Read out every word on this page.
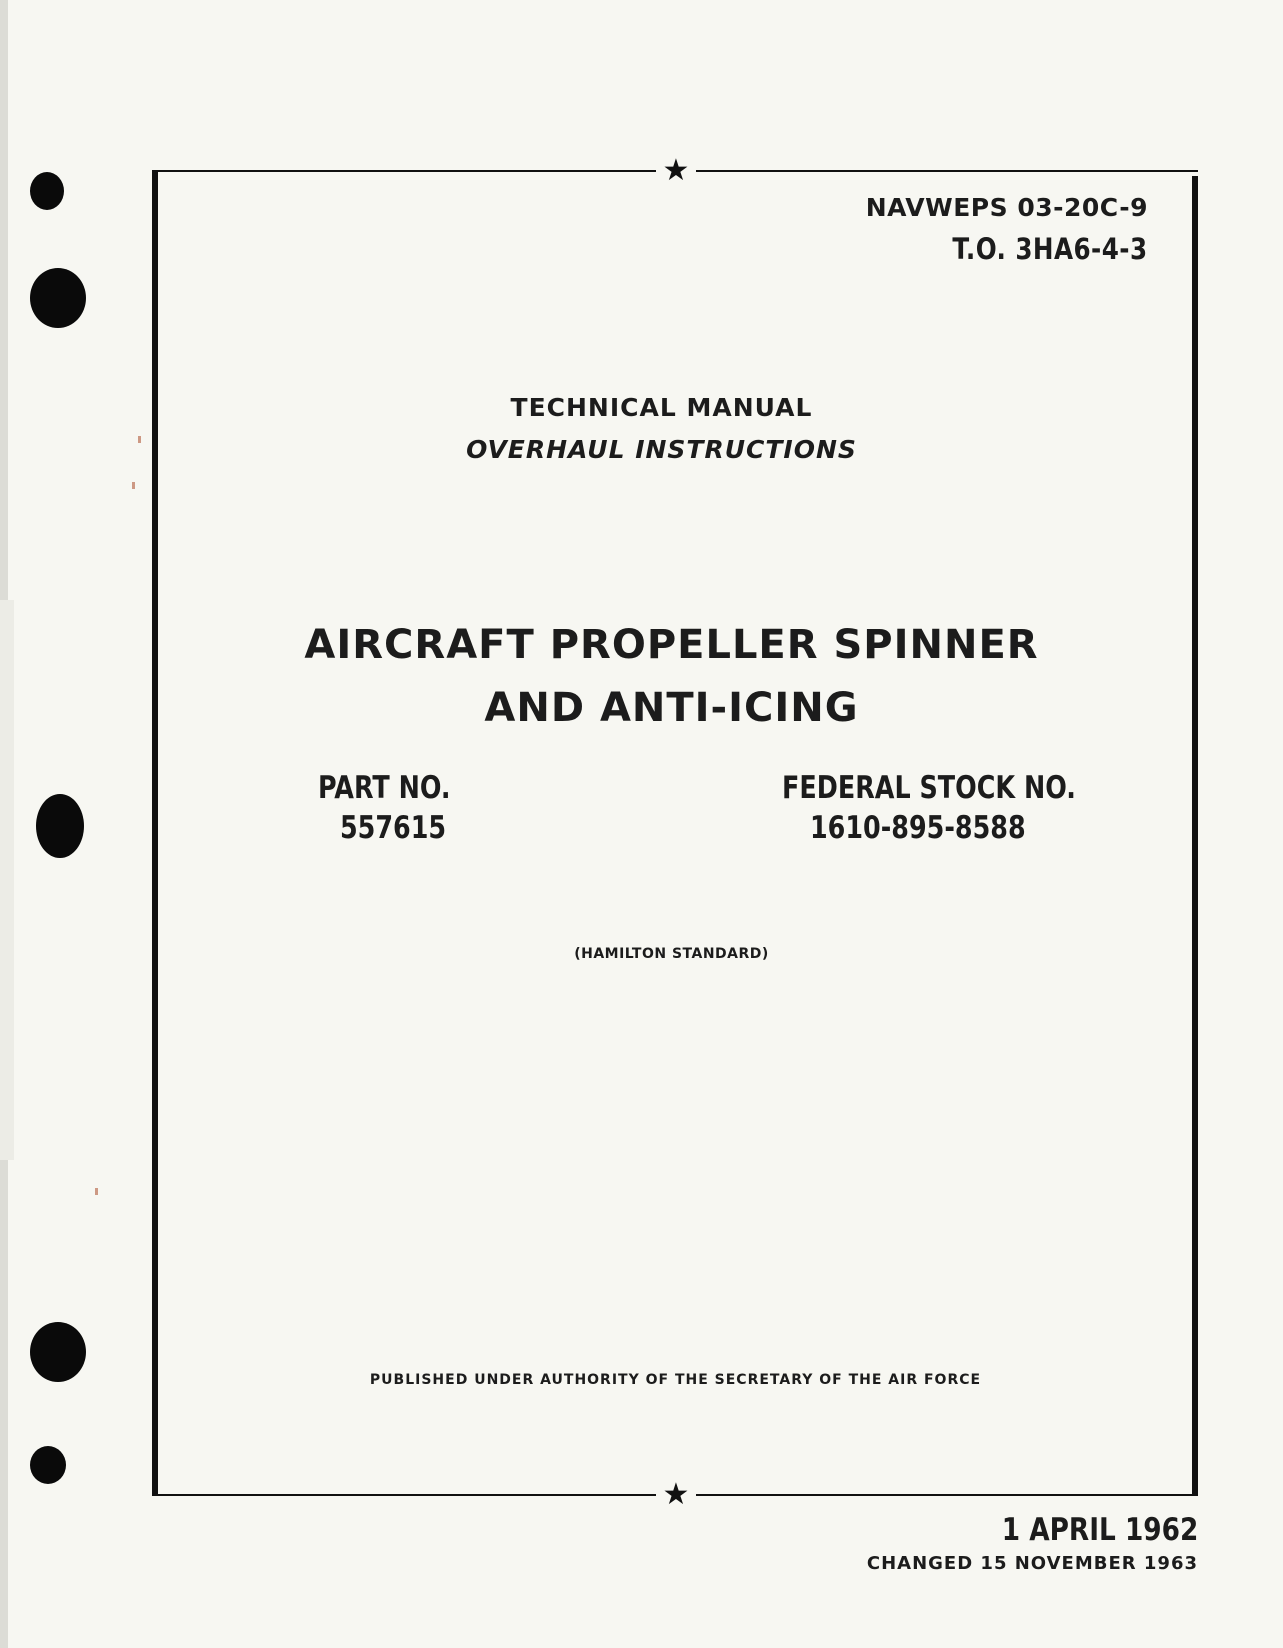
★
★
NAVWEPS 03-20C-9
T.O. 3HA6-4-3
TECHNICAL MANUAL
OVERHAUL INSTRUCTIONS
AIRCRAFT PROPELLER SPINNER
AND ANTI-ICING
PART NO.
557615
FEDERAL STOCK NO.
1610-895-8588
(HAMILTON STANDARD)
PUBLISHED UNDER AUTHORITY OF THE SECRETARY OF THE AIR FORCE
1 APRIL 1962
CHANGED 15 NOVEMBER 1963
